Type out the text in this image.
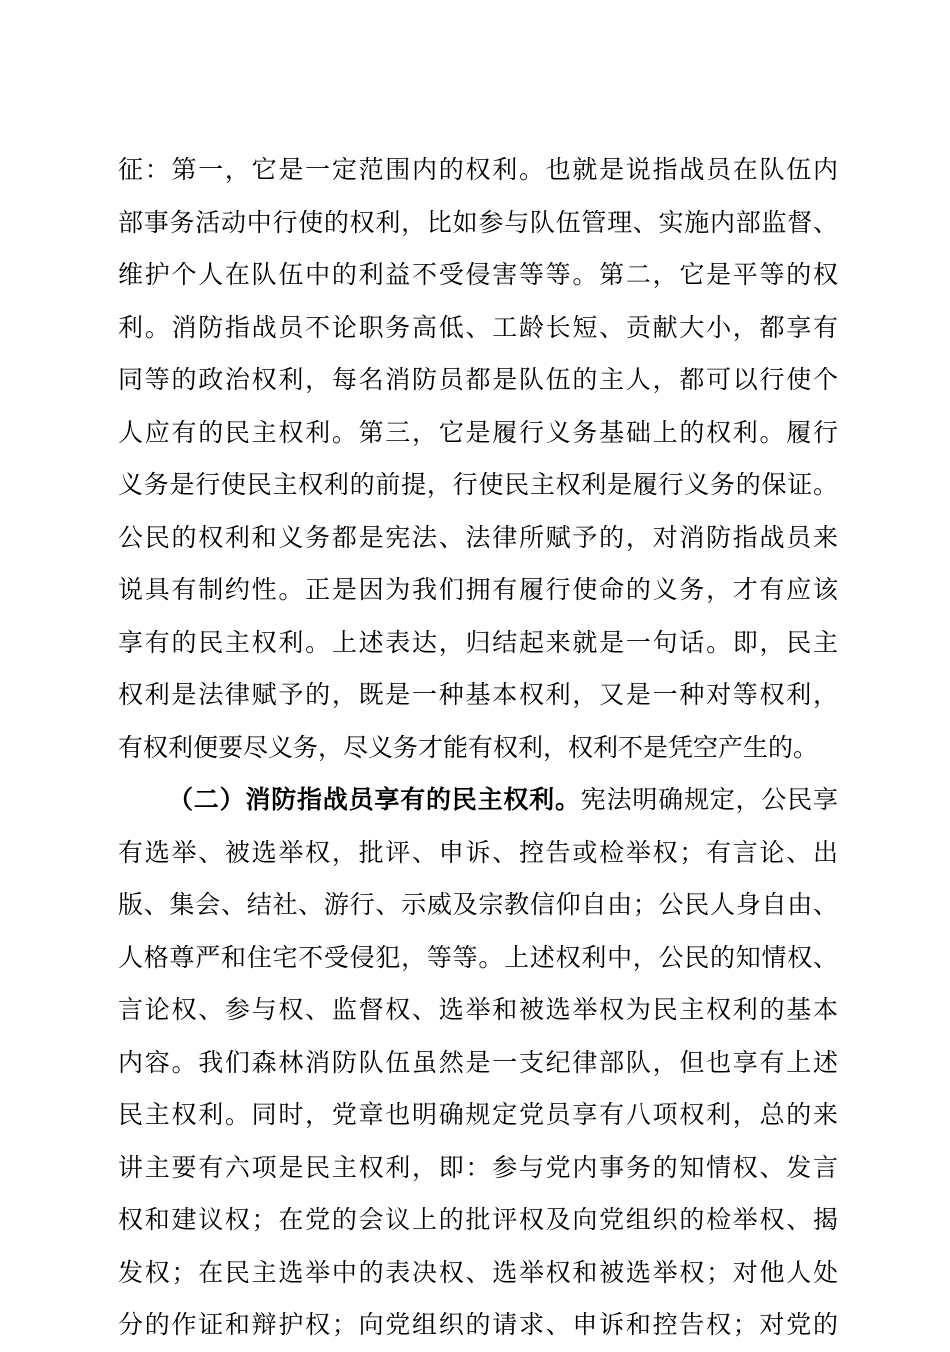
征：第一，它是一定范围内的权利。也就是说指战员在队伍内
部事务活动中行使的权利，比如参与队伍管理、实施内部监督、
维护个人在队伍中的利益不受侵害等等。第二，它是平等的权
利。消防指战员不论职务高低、工龄长短、贡献大小，都享有
同等的政治权利，每名消防员都是队伍的主人，都可以行使个
人应有的民主权利。第三，它是履行义务基础上的权利。履行
义务是行使民主权利的前提，行使民主权利是履行义务的保证。
公民的权利和义务都是宪法、法律所赋予的，对消防指战员来
说具有制约性。正是因为我们拥有履行使命的义务，才有应该
享有的民主权利。上述表达，归结起来就是一句话。即，民主
权利是法律赋予的，既是一种基本权利，又是一种对等权利，
有权利便要尽义务，尽义务才能有权利，权利不是凭空产生的。
（二）消防指战员享有的民主权利。宪法明确规定，公民享
有选举、被选举权，批评、申诉、控告或检举权；有言论、出
版、集会、结社、游行、示威及宗教信仰自由；公民人身自由、
人格尊严和住宅不受侵犯，等等。上述权利中，公民的知情权、
言论权、参与权、监督权、选举和被选举权为民主权利的基本
内容。我们森林消防队伍虽然是一支纪律部队，但也享有上述
民主权利。同时，党章也明确规定党员享有八项权利，总的来
讲主要有六项是民主权利，即：参与党内事务的知情权、发言
权和建议权；在党的会议上的批评权及向党组织的检举权、揭
发权；在民主选举中的表决权、选举权和被选举权；对他人处
分的作证和辩护权；向党组织的请求、申诉和控告权；对党的
